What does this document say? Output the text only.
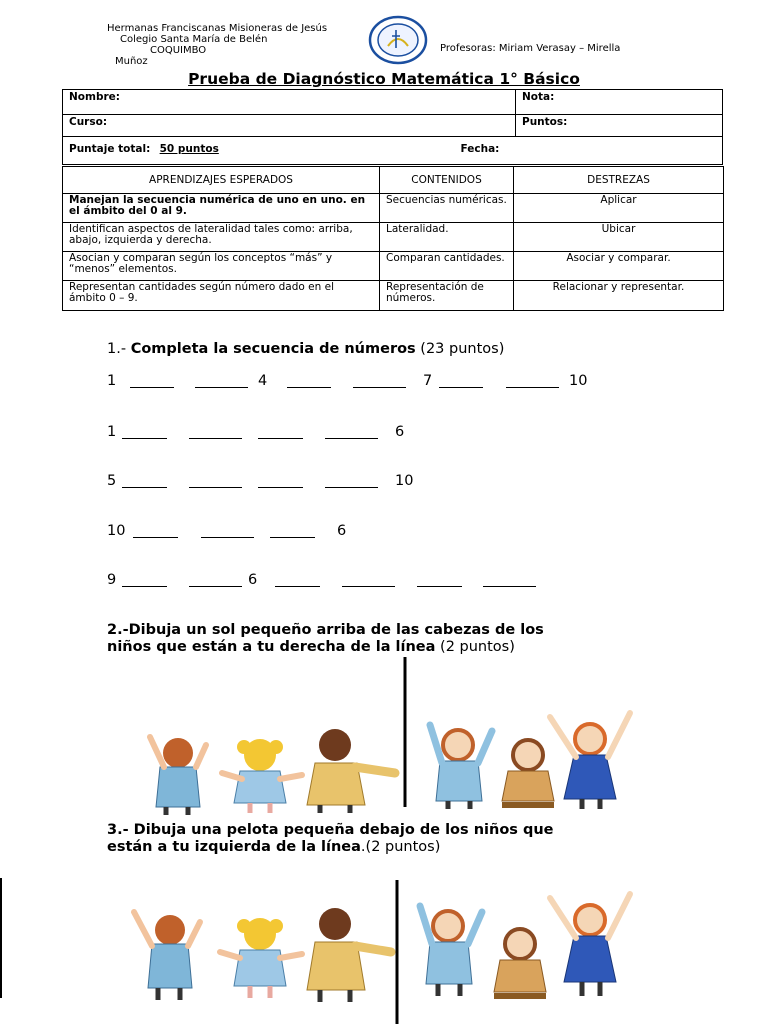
Hermanas Franciscanas Misioneras de Jesús
Colegio Santa María de Belén
COQUIMBO
Muñoz
Profesoras: Miriam Verasay – Mirella
Prueba de Diagnóstico Matemática 1° Básico
Nombre:	Nota:
Curso:	Puntos:
Puntaje total: 50 puntos Fecha:	
APRENDIZAJES ESPERADOS	CONTENIDOS	DESTREZAS
Manejan la secuencia numérica de uno en uno. en el ámbito del 0 al 9.	Secuencias numéricas.	Aplicar
Identifican aspectos de lateralidad tales como: arriba, abajo, izquierda y derecha.	Lateralidad.	Ubicar
Asocian y comparan según los conceptos “más” y “menos” elementos.	Comparan cantidades.	Asociar y comparar.
Representan cantidades según número dado en el ámbito 0 – 9.	Representación de números.	Relacionar y representar.
1.- Completa la secuencia de números (23 puntos)
1	4	7	10
1	6
5	10
10	6
9	6
2.-Dibuja un sol pequeño arriba de las cabezas de los
niños que están a tu derecha de la línea (2 puntos)
3.- Dibuja una pelota pequeña debajo de los niños que
están a tu izquierda de la línea.(2 puntos)
